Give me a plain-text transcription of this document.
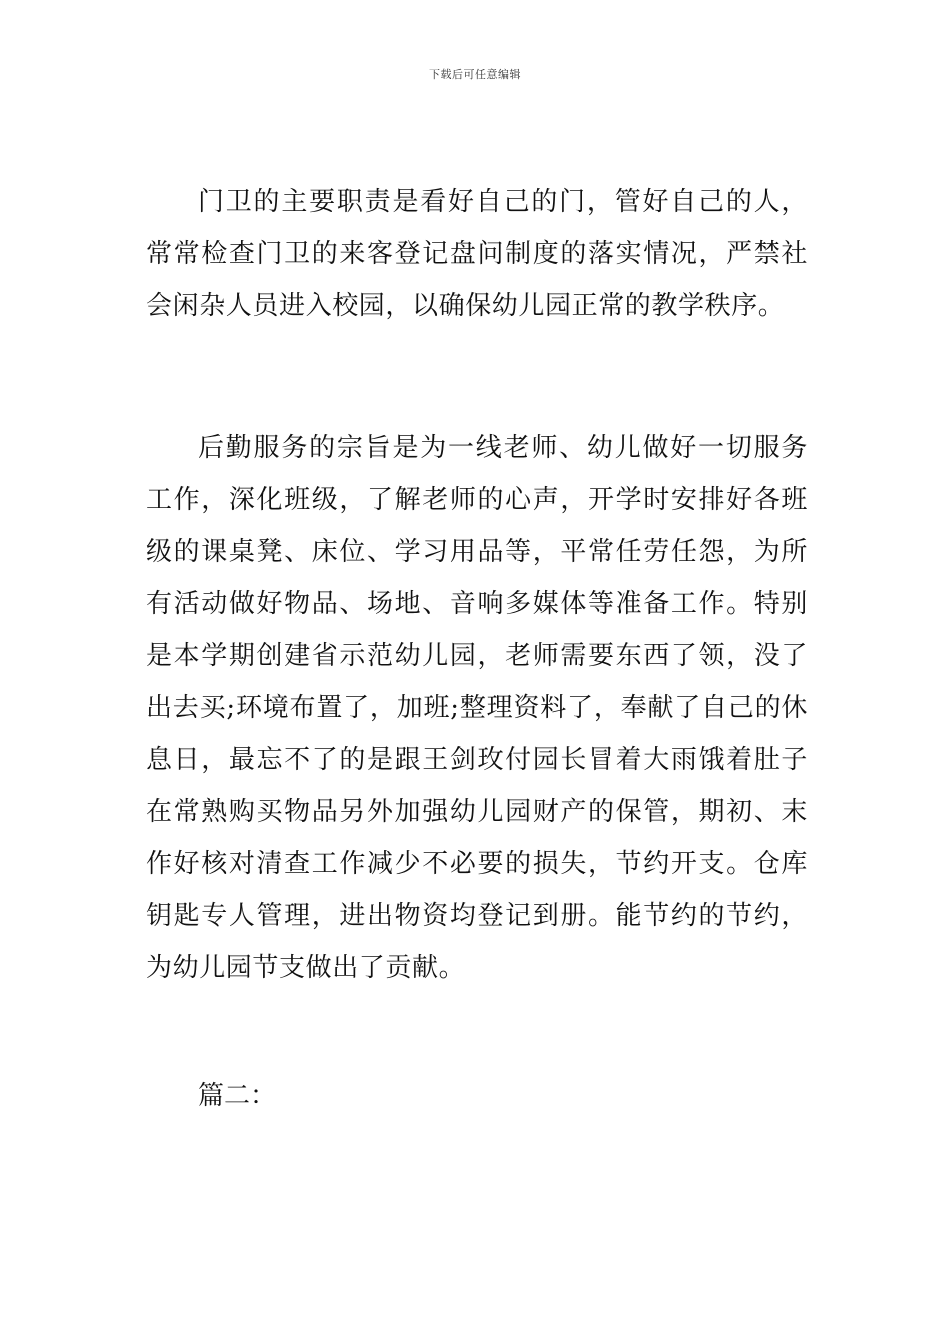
下载后可任意编辑

门卫的主要职责是看好自己的门，管好自己的人，常常检查门卫的来客登记盘问制度的落实情况，严禁社会闲杂人员进入校园，以确保幼儿园正常的教学秩序。

后勤服务的宗旨是为一线老师、幼儿做好一切服务工作，深化班级，了解老师的心声，开学时安排好各班级的课桌凳、床位、学习用品等，平常任劳任怨，为所有活动做好物品、场地、音响多媒体等准备工作。特别是本学期创建省示范幼儿园，老师需要东西了领，没了出去买;环境布置了，加班;整理资料了，奉献了自己的休息日，最忘不了的是跟王剑玫付园长冒着大雨饿着肚子在常熟购买物品另外加强幼儿园财产的保管，期初、末作好核对清查工作减少不必要的损失，节约开支。仓库钥匙专人管理，进出物资均登记到册。能节约的节约，为幼儿园节支做出了贡献。

篇二：
